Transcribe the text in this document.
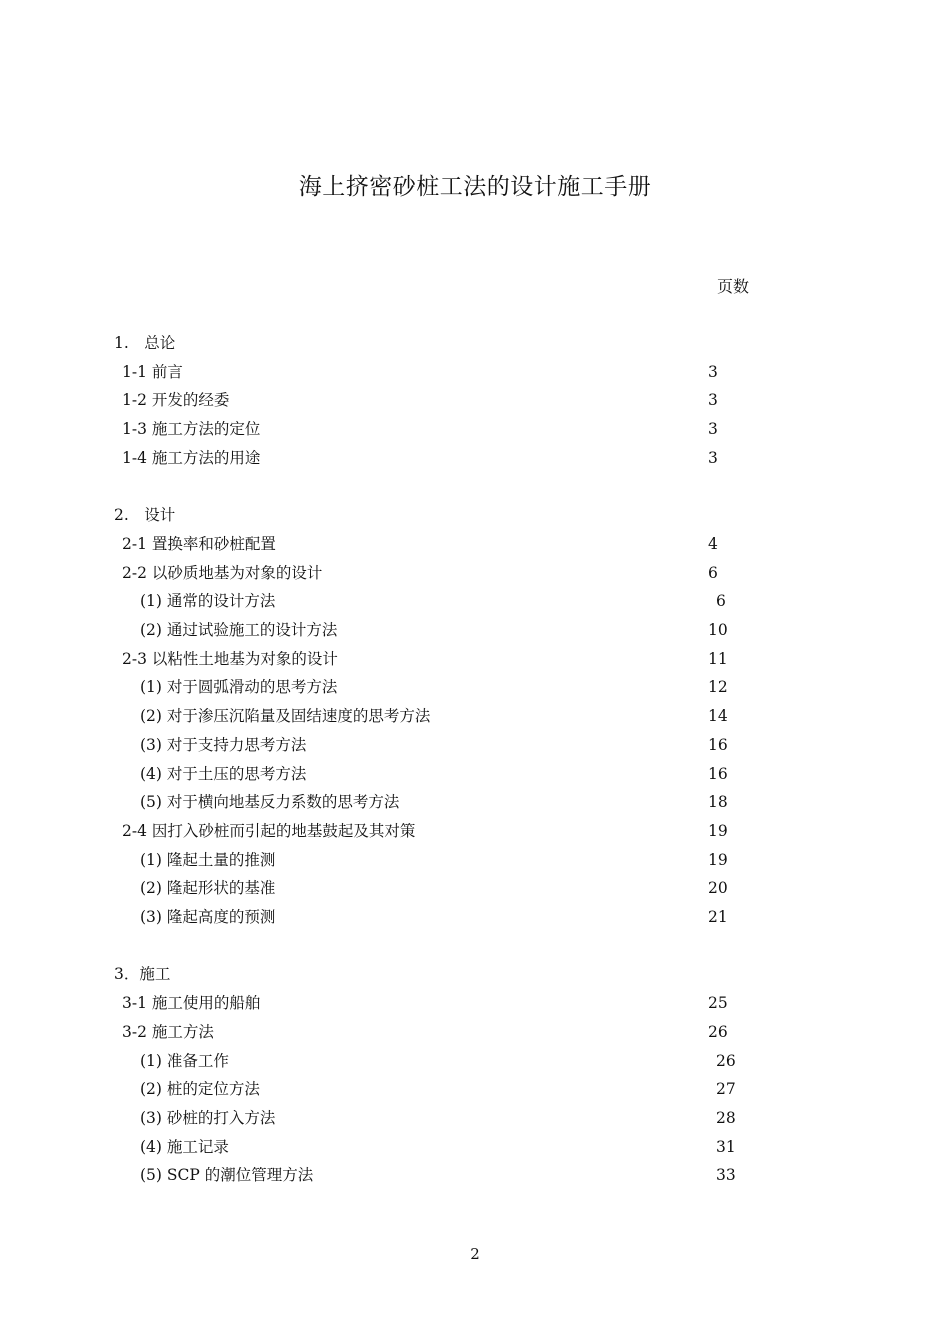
海上挤密砂桩工法的设计施工手册
页数
1.　总论
1-1 前言	3
1-2 开发的经委	3
1-3 施工方法的定位	3
1-4 施工方法的用途	3
2.　设计
2-1 置换率和砂桩配置	4
2-2 以砂质地基为对象的设计	6
(1) 通常的设计方法	6
(2) 通过试验施工的设计方法	10
2-3 以粘性土地基为对象的设计	11
(1) 对于圆弧滑动的思考方法	12
(2) 对于渗压沉陷量及固结速度的思考方法	14
(3) 对于支持力思考方法	16
(4) 对于土压的思考方法	16
(5) 对于横向地基反力系数的思考方法	18
2-4 因打入砂桩而引起的地基鼓起及其对策	19
(1) 隆起土量的推测	19
(2) 隆起形状的基准	20
(3) 隆起高度的预测	21
3．施工
3-1 施工使用的船舶	25
3-2 施工方法	26
(1) 准备工作	26
(2) 桩的定位方法	27
(3) 砂桩的打入方法	28
(4) 施工记录	31
(5) SCP 的潮位管理方法	33
2
